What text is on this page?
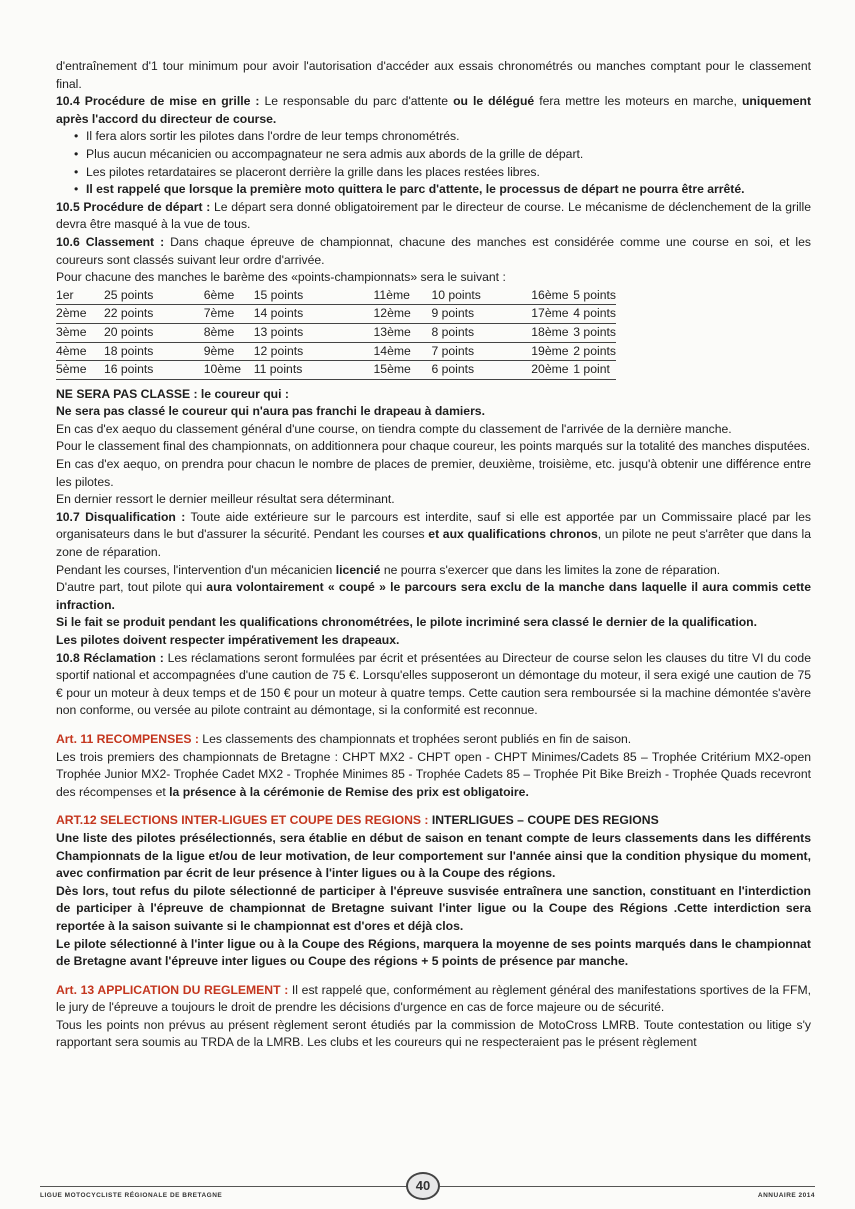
d'entraînement d'1 tour minimum pour avoir l'autorisation d'accéder aux essais chronométrés ou manches comptant pour le classement final.

10.4 Procédure de mise en grille : Le responsable du parc d'attente ou le délégué fera mettre les moteurs en marche, uniquement après l'accord du directeur de course.

• Il fera alors sortir les pilotes dans l'ordre de leur temps chronométrés.
• Plus aucun mécanicien ou accompagnateur ne sera admis aux abords de la grille de départ.
• Les pilotes retardataires se placeront derrière la grille dans les places restées libres.
• Il est rappelé que lorsque la première moto quittera le parc d'attente, le processus de départ ne pourra être arrêté.

10.5 Procédure de départ : Le départ sera donné obligatoirement par le directeur de course. Le mécanisme de déclenchement de la grille devra être masqué à la vue de tous.

10.6 Classement : Dans chaque épreuve de championnat, chacune des manches est considérée comme une course en soi, et les coureurs sont classés suivant leur ordre d'arrivée.

Pour chacune des manches le barème des «points-championnats» sera le suivant :

1er	25 points	6ème	15 points	11ème	10 points	16ème	5 points
2ème	22 points	7ème	14 points	12ème	9 points	17ème	4 points
3ème	20 points	8ème	13 points	13ème	8 points	18ème	3 points
4ème	18 points	9ème	12 points	14ème	7 points	19ème	2 points
5ème	16 points	10ème	11 points	15ème	6 points	20ème	1 point

NE SERA PAS CLASSE : le coureur qui :

Ne sera pas classé le coureur qui n'aura pas franchi le drapeau à damiers.

En cas d'ex aequo du classement général d'une course, on tiendra compte du classement de l'arrivée de la dernière manche.

Pour le classement final des championnats, on additionnera pour chaque coureur, les points marqués sur la totalité des manches disputées.

En cas d'ex aequo, on prendra pour chacun le nombre de places de premier, deuxième, troisième, etc. jusqu'à obtenir une différence entre les pilotes.

En dernier ressort le dernier meilleur résultat sera déterminant.

10.7 Disqualification : Toute aide extérieure sur le parcours est interdite, sauf si elle est apportée par un Commissaire placé par les organisateurs dans le but d'assurer la sécurité. Pendant les courses et aux qualifications chronos, un pilote ne peut s'arrêter que dans la zone de réparation.

Pendant les courses, l'intervention d'un mécanicien licencié ne pourra s'exercer que dans les limites la zone de réparation.

D'autre part, tout pilote qui aura volontairement « coupé » le parcours sera exclu de la manche dans laquelle il aura commis cette infraction.

Si le fait se produit pendant les qualifications chronométrées, le pilote incriminé sera classé le dernier de la qualification.

Les pilotes doivent respecter impérativement les drapeaux.

10.8 Réclamation : Les réclamations seront formulées par écrit et présentées au Directeur de course selon les clauses du titre VI du code sportif national et accompagnées d'une caution de 75 €. Lorsqu'elles supposeront un démontage du moteur, il sera exigé une caution de 75 € pour un moteur à deux temps et de 150 € pour un moteur à quatre temps. Cette caution sera remboursée si la machine démontée s'avère non conforme, ou versée au pilote contraint au démontage, si la conformité est reconnue.

Art. 11 RECOMPENSES : Les classements des championnats et trophées seront publiés en fin de saison.

Les trois premiers des championnats de Bretagne : CHPT MX2 - CHPT open - CHPT Minimes/Cadets 85 – Trophée Critérium MX2-open Trophée Junior MX2- Trophée Cadet MX2 - Trophée Minimes 85 - Trophée Cadets 85 – Trophée Pit Bike Breizh - Trophée Quads recevront des récompenses et la présence à la cérémonie de Remise des prix est obligatoire.

ART.12 SELECTIONS INTER-LIGUES ET COUPE DES REGIONS : INTERLIGUES – COUPE DES REGIONS

Une liste des pilotes présélectionnés, sera établie en début de saison en tenant compte de leurs classements dans les différents Championnats de la ligue et/ou de leur motivation, de leur comportement sur l'année ainsi que la condition physique du moment, avec confirmation par écrit de leur présence à l'inter ligues ou à la Coupe des régions.

Dès lors, tout refus du pilote sélectionné de participer à l'épreuve susvisée entraînera une sanction, constituant en l'interdiction de participer à l'épreuve de championnat de Bretagne suivant l'inter ligue ou la Coupe des Régions .Cette interdiction sera reportée à la saison suivante si le championnat est d'ores et déjà clos.

Le pilote sélectionné à l'inter ligue ou à la Coupe des Régions, marquera la moyenne de ses points marqués dans le championnat de Bretagne avant l'épreuve inter ligues ou Coupe des régions + 5 points de présence par manche.

Art. 13 APPLICATION DU REGLEMENT : Il est rappelé que, conformément au règlement général des manifestations sportives de la FFM, le jury de l'épreuve a toujours le droit de prendre les décisions d'urgence en cas de force majeure ou de sécurité.

Tous les points non prévus au présent règlement seront étudiés par la commission de MotoCross LMRB. Toute contestation ou litige s'y rapportant sera soumis au TRDA de la LMRB. Les clubs et les coureurs qui ne respecteraient pas le présent règlement

LIGUE MOTOCYCLISTE RÉGIONALE DE BRETAGNE
40
ANNUAIRE 2014
